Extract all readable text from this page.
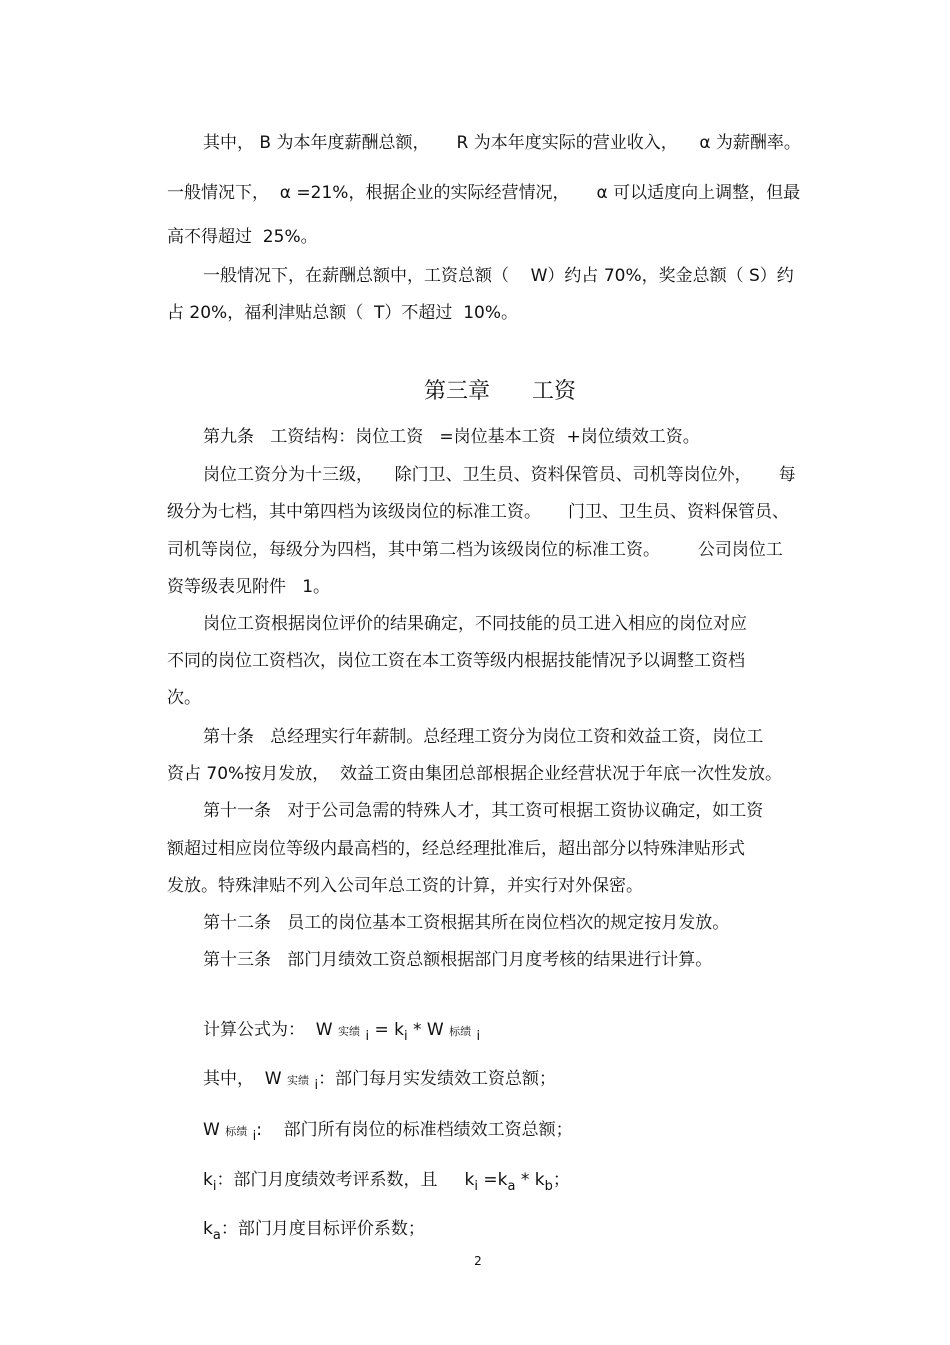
其中， B 为本年度薪酬总额，     R 为本年度实际的营业收入，    α 为薪酬率。

一般情况下，  α =21%，根据企业的实际经营情况，     α 可以适度向上调整，但最

高不得超过  25%。

一般情况下，在薪酬总额中，工资总额（    W）约占 70%，奖金总额（ S）约

占 20%，福利津贴总额（  T）不超过  10%。

第三章      工资

第九条   工资结构：岗位工资   =岗位基本工资  +岗位绩效工资。

岗位工资分为十三级，    除门卫、卫生员、资料保管员、司机等岗位外，     每

级分为七档，其中第四档为该级岗位的标准工资。     门卫、卫生员、资料保管员、

司机等岗位，每级分为四档，其中第二档为该级岗位的标准工资。       公司岗位工

资等级表见附件   1。

岗位工资根据岗位评价的结果确定，不同技能的员工进入相应的岗位对应

不同的岗位工资档次，岗位工资在本工资等级内根据技能情况予以调整工资档

次。

第十条   总经理实行年薪制。总经理工资分为岗位工资和效益工资，岗位工

资占 70%按月发放，  效益工资由集团总部根据企业经营状况于年底一次性发放。

第十一条   对于公司急需的特殊人才，其工资可根据工资协议确定，如工资

额超过相应岗位等级内最高档的，经总经理批准后，超出部分以特殊津贴形式

发放。特殊津贴不列入公司年总工资的计算，并实行对外保密。

第十二条   员工的岗位基本工资根据其所在岗位档次的规定按月发放。

第十三条   部门月绩效工资总额根据部门月度考核的结果进行计算。

计算公式为：  W 实绩 $_i = k_i * W$ 标绩 $_i$

其中，  W 实绩 $_i$：部门每月实发绩效工资总额；

W 标绩 $_i$:    部门所有岗位的标准档绩效工资总额；

$k_i$：部门月度绩效考评系数，且     $k_i =k_a * k_b$；

$k_a$：部门月度目标评价系数；

2
